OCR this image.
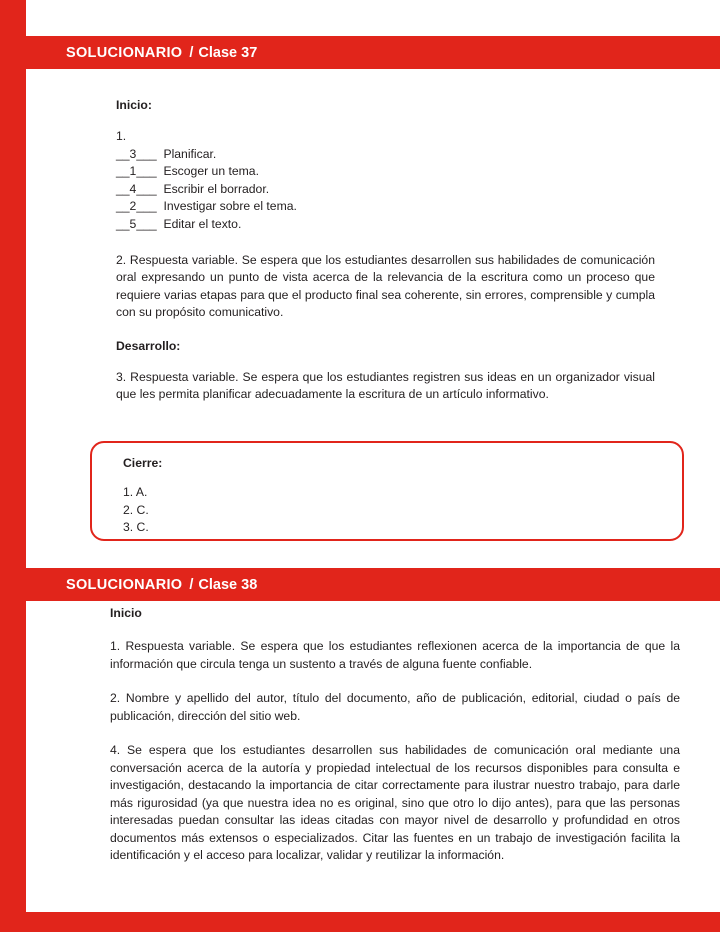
SOLUCIONARIO / Clase 37
Inicio:
1.
__3___  Planificar.
__1___  Escoger un tema.
__4___  Escribir el borrador.
__2___  Investigar sobre el tema.
__5___  Editar el texto.

2. Respuesta variable. Se espera que los estudiantes desarrollen sus habilidades de comunicación oral expresando un punto de vista acerca de la relevancia de la escritura como un proceso que requiere varias etapas para que el producto final sea coherente, sin errores, comprensible y cumpla con su propósito comunicativo.

Desarrollo:

3. Respuesta variable. Se espera que los estudiantes registren sus ideas en un organizador visual que les permita planificar adecuadamente la escritura de un artículo informativo.

Cierre:
1. A.
2. C.
3. C.
SOLUCIONARIO / Clase 38
Inicio

1. Respuesta variable. Se espera que los estudiantes reflexionen acerca de la importancia de que la información que circula tenga un sustento a través de alguna fuente confiable.

2. Nombre y apellido del autor, título del documento, año de publicación, editorial, ciudad o país de publicación, dirección del sitio web.

4. Se espera que los estudiantes desarrollen sus habilidades de comunicación oral mediante una conversación acerca de la autoría y propiedad intelectual de los recursos disponibles para consulta e investigación, destacando la importancia de citar correctamente para ilustrar nuestro trabajo, para darle más rigurosidad (ya que nuestra idea no es original, sino que otro lo dijo antes), para que las personas interesadas puedan consultar las ideas citadas con mayor nivel de desarrollo y profundidad en otros documentos más extensos o especializados. Citar las fuentes en un trabajo de investigación facilita la identificación y el acceso para localizar, validar y reutilizar la información.
